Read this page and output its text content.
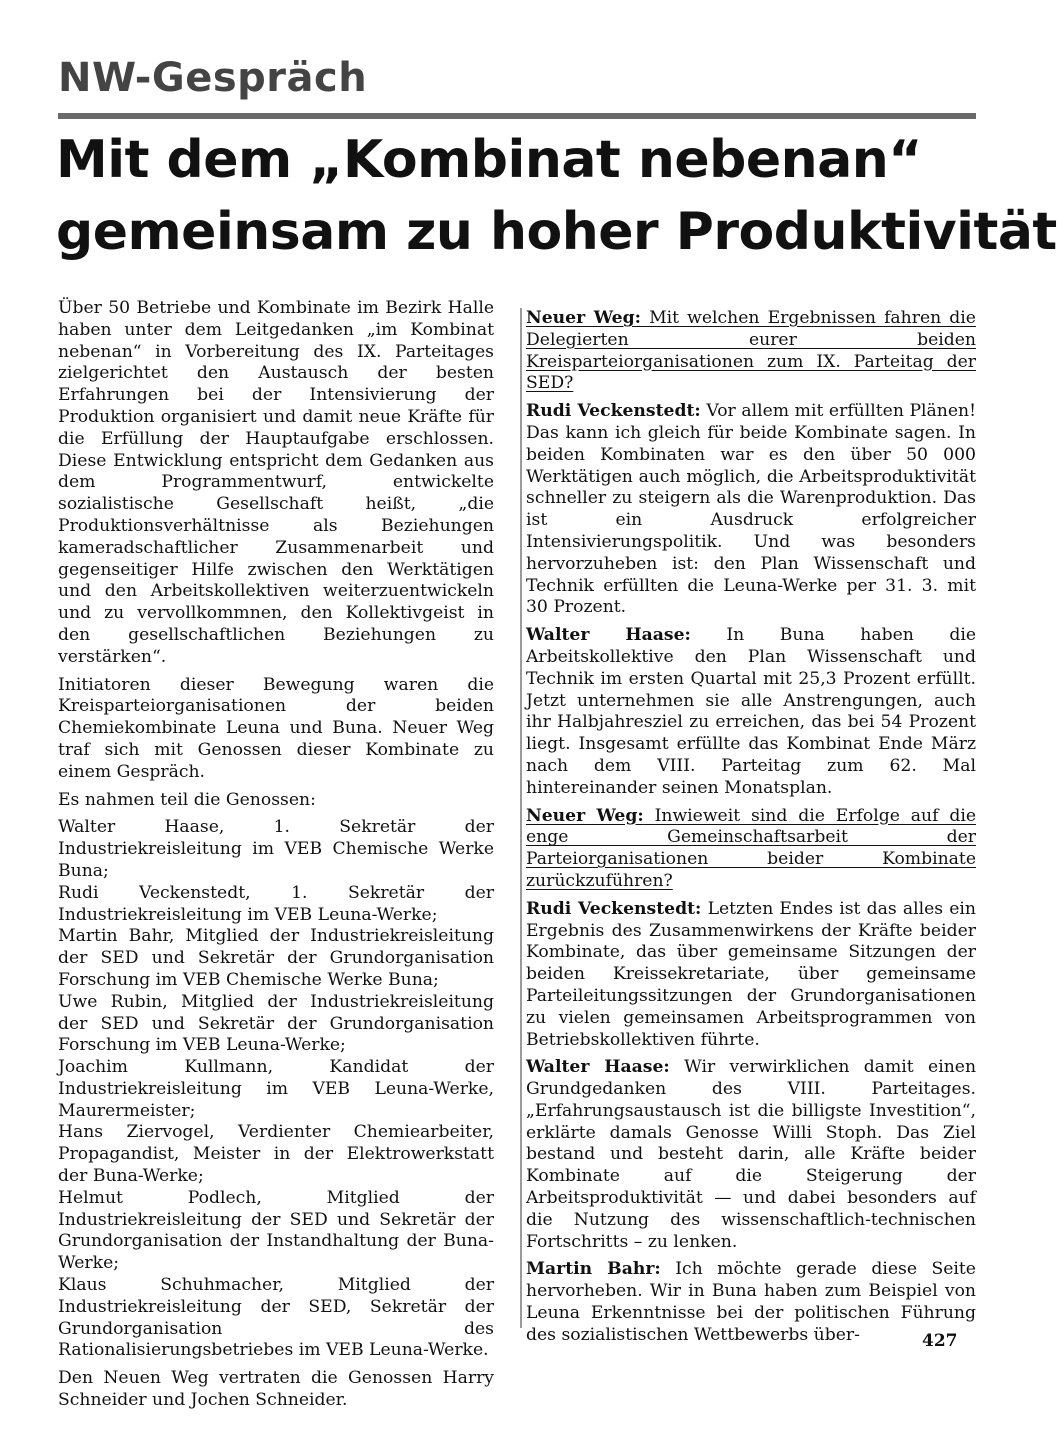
NW-Gespräch
Mit dem „Kombinat nebenan“
gemeinsam zu hoher Produktivität

Über 50 Betriebe und Kombinate im Bezirk Halle haben unter dem Leitgedanken „im Kombinat nebenan“ in Vorbereitung des IX. Parteitages zielgerichtet den Austausch der besten Erfahrungen bei der Intensivierung der Produktion organisiert und damit neue Kräfte für die Erfüllung der Hauptaufgabe erschlossen. Diese Entwicklung entspricht dem Gedanken aus dem Programmentwurf, entwickelte sozialistische Gesellschaft heißt, „die Produktionsverhältnisse als Beziehungen kameradschaftlicher Zusammenarbeit und gegenseitiger Hilfe zwischen den Werktätigen und den Arbeitskollektiven weiterzuentwickeln und zu vervollkommnen, den Kollektivgeist in den gesellschaftlichen Beziehungen zu verstärken“.

Initiatoren dieser Bewegung waren die Kreisparteiorganisationen der beiden Chemiekombinate Leuna und Buna. Neuer Weg traf sich mit Genossen dieser Kombinate zu einem Gespräch.

Es nahmen teil die Genossen:

Walter Haase, 1. Sekretär der Industriekreisleitung im VEB Chemische Werke Buna;

Rudi Veckenstedt, 1. Sekretär der Industriekreisleitung im VEB Leuna-Werke;

Martin Bahr, Mitglied der Industriekreisleitung der SED und Sekretär der Grundorganisation Forschung im VEB Chemische Werke Buna;

Uwe Rubin, Mitglied der Industriekreisleitung der SED und Sekretär der Grundorganisation Forschung im VEB Leuna-Werke;

Joachim Kullmann, Kandidat der Industriekreisleitung im VEB Leuna-Werke, Maurermeister;

Hans Ziervogel, Verdienter Chemiearbeiter, Propagandist, Meister in der Elektrowerkstatt der Buna-Werke;

Helmut Podlech, Mitglied der Industriekreisleitung der SED und Sekretär der Grundorganisation der Instandhaltung der Buna-Werke;

Klaus Schuhmacher, Mitglied der Industriekreisleitung der SED, Sekretär der Grundorganisation des Rationalisierungsbetriebes im VEB Leuna-Werke.

Den Neuen Weg vertraten die Genossen Harry Schneider und Jochen Schneider.

Neuer Weg: Mit welchen Ergebnissen fahren die Delegierten eurer beiden Kreisparteiorganisationen zum IX. Parteitag der SED?

Rudi Veckenstedt: Vor allem mit erfüllten Plänen! Das kann ich gleich für beide Kombinate sagen. In beiden Kombinaten war es den über 50 000 Werktätigen auch möglich, die Arbeitsproduktivität schneller zu steigern als die Warenproduktion. Das ist ein Ausdruck erfolgreicher Intensivierungspolitik. Und was besonders hervorzuheben ist: den Plan Wissenschaft und Technik erfüllten die Leuna-Werke per 31. 3. mit 30 Prozent.

Walter Haase: In Buna haben die Arbeitskollektive den Plan Wissenschaft und Technik im ersten Quartal mit 25,3 Prozent erfüllt. Jetzt unternehmen sie alle Anstrengungen, auch ihr Halbjahresziel zu erreichen, das bei 54 Prozent liegt. Insgesamt erfüllte das Kombinat Ende März nach dem VIII. Parteitag zum 62. Mal hintereinander seinen Monatsplan.

Neuer Weg: Inwieweit sind die Erfolge auf die enge Gemeinschaftsarbeit der Parteiorganisationen beider Kombinate zurückzuführen?

Rudi Veckenstedt: Letzten Endes ist das alles ein Ergebnis des Zusammenwirkens der Kräfte beider Kombinate, das über gemeinsame Sitzungen der beiden Kreissekretariate, über gemeinsame Parteileitungssitzungen der Grundorganisationen zu vielen gemeinsamen Arbeitsprogrammen von Betriebskollektiven führte.

Walter Haase: Wir verwirklichen damit einen Grundgedanken des VIII. Parteitages. „Erfahrungsaustausch ist die billigste Investition“, erklärte damals Genosse Willi Stoph. Das Ziel bestand und besteht darin, alle Kräfte beider Kombinate auf die Steigerung der Arbeitsproduktivität — und dabei besonders auf die Nutzung des wissenschaftlich-technischen Fortschritts – zu lenken.

Martin Bahr: Ich möchte gerade diese Seite hervorheben. Wir in Buna haben zum Beispiel von Leuna Erkenntnisse bei der politischen Führung des sozialistischen Wettbewerbs über-	427
